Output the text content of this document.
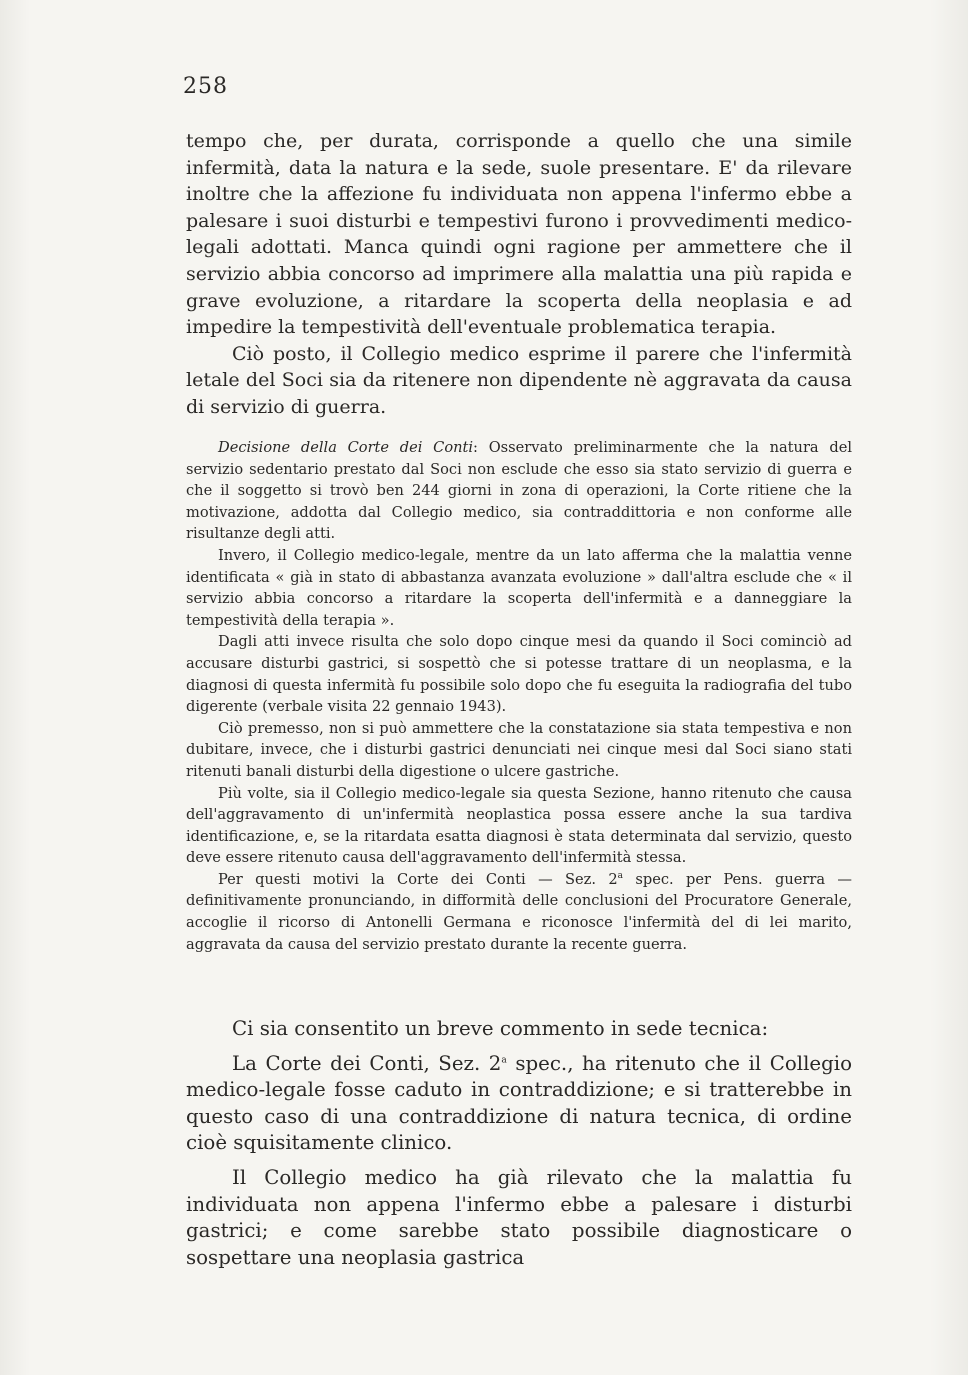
258

tempo che, per durata, corrisponde a quello che una simile infermità, data la natura e la sede, suole presentare. E' da rilevare inoltre che la affezione fu individuata non appena l'infermo ebbe a palesare i suoi disturbi e tempestivi furono i provvedimenti medico-legali adottati. Manca quindi ogni ragione per ammettere che il servizio abbia concorso ad imprimere alla malattia una più rapida e grave evoluzione, a ritardare la scoperta della neoplasia e ad impedire la tempestività dell'eventuale problematica terapia.

Ciò posto, il Collegio medico esprime il parere che l'infermità letale del Soci sia da ritenere non dipendente nè aggravata da causa di servizio di guerra.

Decisione della Corte dei Conti: Osservato preliminarmente che la natura del servizio sedentario prestato dal Soci non esclude che esso sia stato servizio di guerra e che il soggetto si trovò ben 244 giorni in zona di operazioni, la Corte ritiene che la motivazione, addotta dal Collegio medico, sia contraddittoria e non conforme alle risultanze degli atti.

Invero, il Collegio medico-legale, mentre da un lato afferma che la malattia venne identificata « già in stato di abbastanza avanzata evoluzione » dall'altra esclude che « il servizio abbia concorso a ritardare la scoperta dell'infermità e a danneggiare la tempestività della terapia ».

Dagli atti invece risulta che solo dopo cinque mesi da quando il Soci cominciò ad accusare disturbi gastrici, si sospettò che si potesse trattare di un neoplasma, e la diagnosi di questa infermità fu possibile solo dopo che fu eseguita la radiografia del tubo digerente (verbale visita 22 gennaio 1943).

Ciò premesso, non si può ammettere che la constatazione sia stata tempestiva e non dubitare, invece, che i disturbi gastrici denunciati nei cinque mesi dal Soci siano stati ritenuti banali disturbi della digestione o ulcere gastriche.

Più volte, sia il Collegio medico-legale sia questa Sezione, hanno ritenuto che causa dell'aggravamento di un'infermità neoplastica possa essere anche la sua tardiva identificazione, e, se la ritardata esatta diagnosi è stata determinata dal servizio, questo deve essere ritenuto causa dell'aggravamento dell'infermità stessa.

Per questi motivi la Corte dei Conti — Sez. 2$^a$ spec. per Pens. guerra — definitivamente pronunciando, in difformità delle conclusioni del Procuratore Generale, accoglie il ricorso di Antonelli Germana e riconosce l'infermità del di lei marito, aggravata da causa del servizio prestato durante la recente guerra.

Ci sia consentito un breve commento in sede tecnica:

La Corte dei Conti, Sez. 2$^a$ spec., ha ritenuto che il Collegio medico-legale fosse caduto in contraddizione; e si tratterebbe in questo caso di una contraddizione di natura tecnica, di ordine cioè squisitamente clinico.

Il Collegio medico ha già rilevato che la malattia fu individuata non appena l'infermo ebbe a palesare i disturbi gastrici; e come sarebbe stato possibile diagnosticare o sospettare una neoplasia gastrica
